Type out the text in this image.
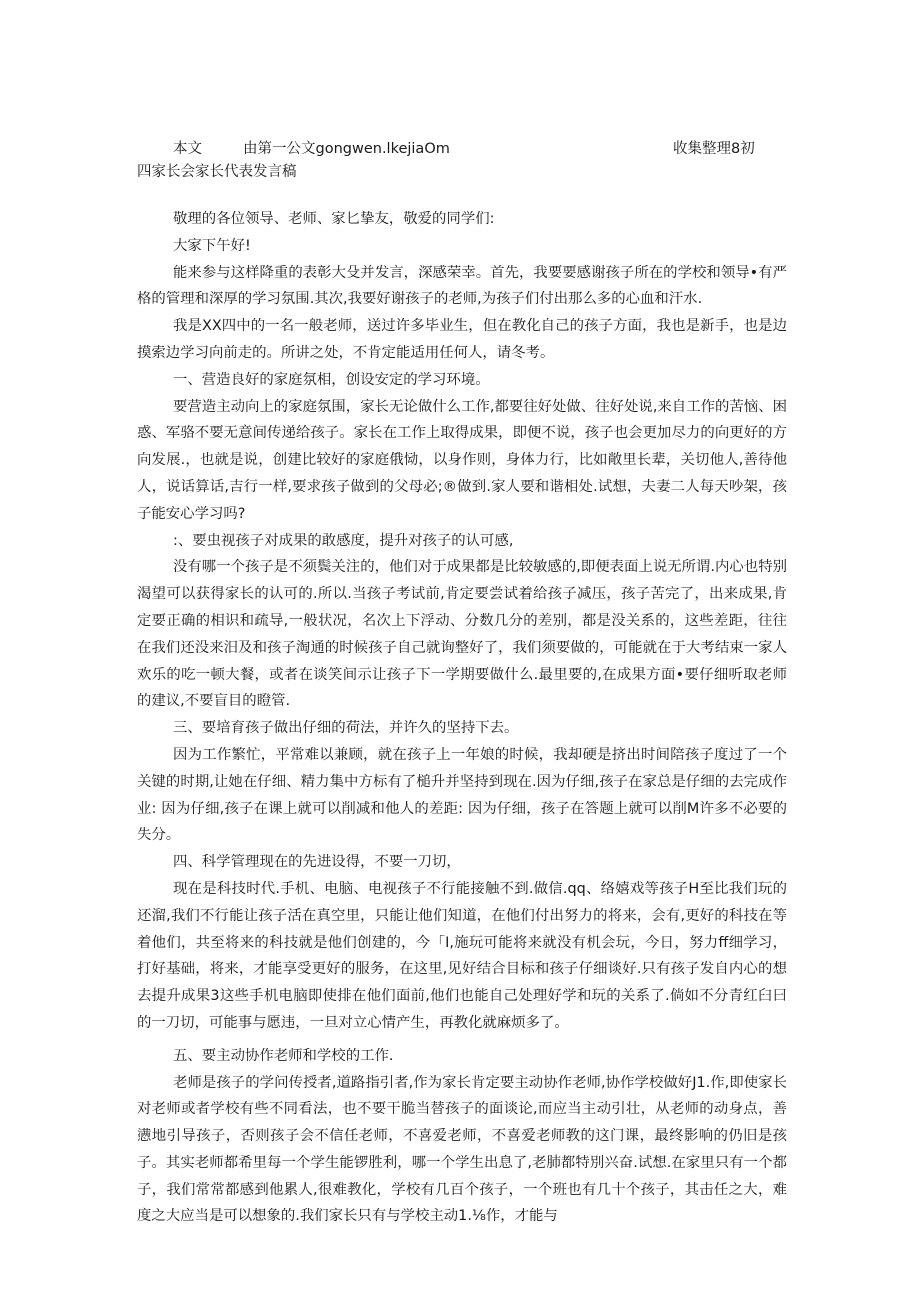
本文	由第一公文gongwen.lkejiaOm	收集整理8初
四家长会家长代表发言稿

敬理的各位领导、老师、家匕挚友，敬爱的同学们:

大家下午好!

能来参与这样降重的表彰大殳并发言，深感荣幸。首先，我要要感谢孩子所在的学校和领导•有严格的管理和深厚的学习氛围.其次,我要好谢孩子的老师,为孩子们付出那么多的心血和汗水.

我是XX四中的一名一般老师，送过许多毕业生，但在教化自己的孩子方面，我也是新手，也是边摸索边学习向前走的。所讲之处，不肯定能适用任何人，请冬考。

一、营造良好的家庭氛相，创设安定的学习环境。

要营造主动向上的家庭氛围，家长无论做什么工作,都要往好处做、往好处说,来自工作的苦恼、困惑、军骆不要无意间传递给孩子。家长在工作上取得成果，即便不说，孩子也会更加尽力的向更好的方向发展.，也就是说，创建比较好的家庭俄恸，以身作则，身体力行，比如敞里长辈，关切他人,善待他人，说话算话,吉行一样,要求孩子做到的父母必;®做到.家人要和谐相处.试想，夫妻二人每天吵架，孩子能安心学习吗?

:、要虫视孩子对成果的敢感度，提升对孩子的认可感,

没有哪一个孩子是不须鬓关注的，他们对于成果都是比较敏感的,即便表面上说无所谓.内心也特别渴望可以获得家长的认可的.所以.当孩子考试前,肯定要尝试着给孩子减压，孩子苦完了，出来成果,肯定要正确的相识和疏导,一般状况，名次上下浮动、分数几分的差别，都是没关系的，这些差距，往往在我们还没来汨及和孩子淘通的时候孩子自己就询整好了，我们须要做的，可能就在于大考结束一家人欢乐的吃一顿大餐，或者在谈笑间示让孩子下一学期要做什么.最里要的,在成果方面•要仔细听取老师的建议,不要盲目的瞪管.

三、要培育孩子做出仔细的荷法，并许久的坚持下去。

因为工作繁忙，平常难以兼顾，就在孩子上一年娘的时候，我却硬是挤出时间陪孩子度过了一个关键的时期,让她在仔细、精力集中方标有了槌升并坚持到现在.因为仔细,孩子在家总是仔细的去完成作业: 因为仔细,孩子在课上就可以削减和他人的差距: 因为仔细，孩子在答题上就可以削M许多不必要的失分。

四、科学管理现在的先进设得，不要一刀切，

现在是科技时代.手机、电脑、电视孩子不行能接触不到.做信.qq、络嬉戏等孩子H至比我们玩的还溜,我们不行能让孩子活在真空里，只能让他们知道，在他们付出努力的将来，会有,更好的科技在等着他们，共至将来的科技就是他们创建的，今「I,施玩可能将来就没有机会玩，今日，努力ff细学习，打好基础，将来，才能享受更好的服务，在这里,见好结合目标和孩子仔细谈好.只有孩子发自内心的想去提升成果3这些手机电脑即使排在他们面前,他们也能自己处理好学和玩的关系了.倘如不分青红臼曰的一刀切，可能事与愿违，一旦对立心情产生，再教化就麻烦多了。

五、要主动协作老师和学校的工作.

老师是孩子的学问传授者,道路指引者,作为家长肯定要主动协作老师,协作学校做好J1.作,即使家长对老师或者学校有些不同看法，也不要干脆当替孩子的面谈论,而应当主动引壮，从老师的动身点，善懑地引导孩子，否则孩子会不信任老师，不喜爱老师，不喜爱老师教的这门课，最终影响的仍旧是孩子。其实老师都希里每一个学生能锣胜利，哪一个学生出息了,老肺都特別兴奋.试想.在家里只有一个都子，我们常常都感到他累人,很难教化，学校有几百个孩子，一个班也有几十个孩子，其击任之大，难度之大应当是可以想象的.我们家长只有与学校主动1.⅛作，才能与
